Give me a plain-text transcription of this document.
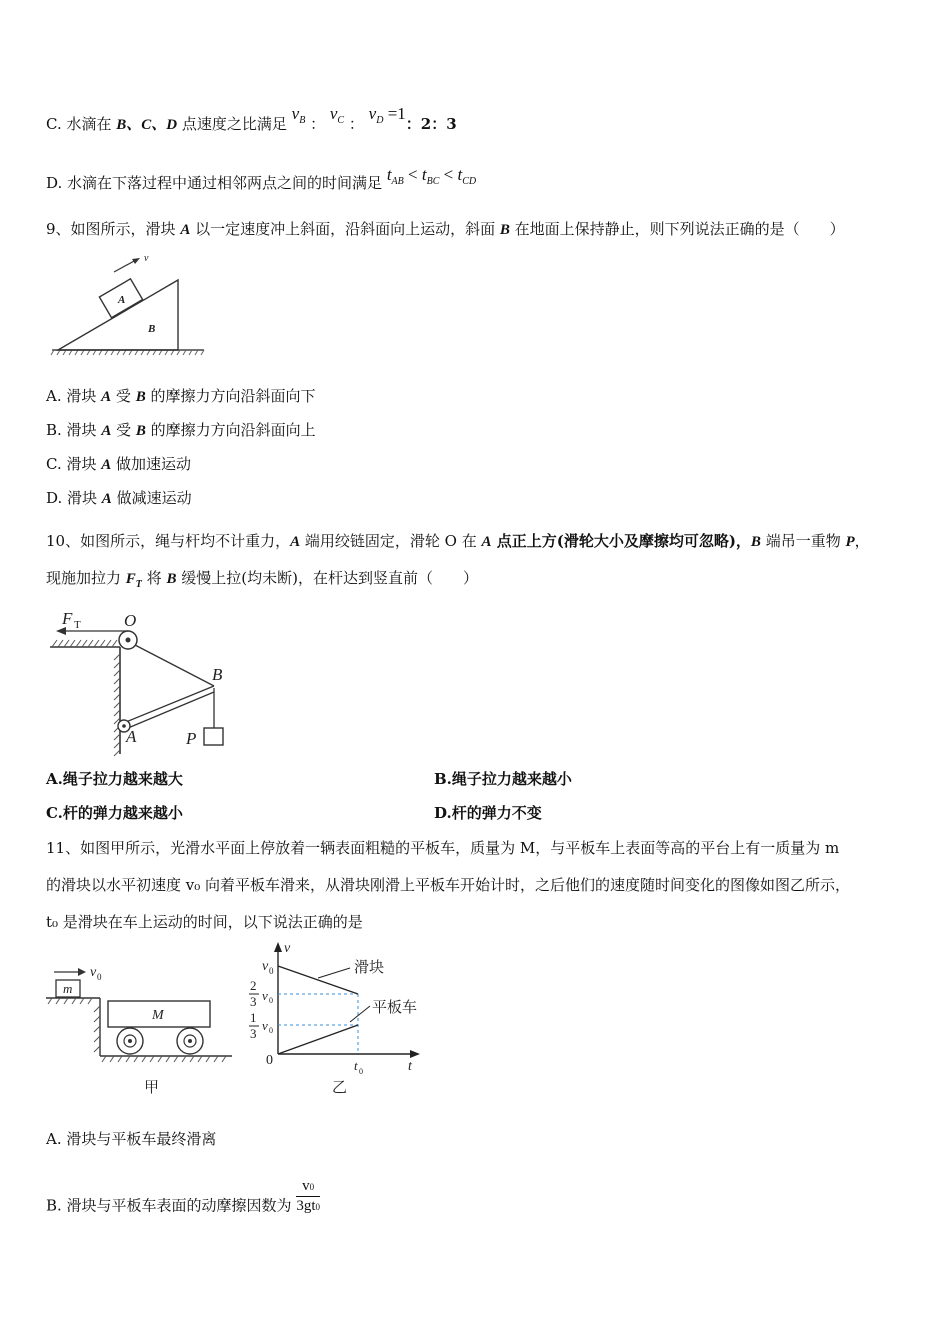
C. 水滴在 B、C、D 点速度之比满足 $v_B$ ： $v_C$ ： $v_D =1$：2：3
D. 水滴在下落过程中通过相邻两点之间的时间满足 $t_{AB} < t_{BC} < t_{CD}$
9、如图所示，滑块 A 以一定速度冲上斜面，沿斜面向上运动，斜面 B 在地面上保持静止，则下列说法正确的是（　　）
A
B
v
A. 滑块 A 受 B 的摩擦力方向沿斜面向下
B. 滑块 A 受 B 的摩擦力方向沿斜面向上
C. 滑块 A 做加速运动
D. 滑块 A 做减速运动
10、如图所示，绳与杆均不计重力，A 端用绞链固定，滑轮 O 在 A 点正上方(滑轮大小及摩擦均可忽略)，B 端吊一重物 P，
现施加拉力 $F_T$ 将 B 缓慢上拉(均未断)，在杆达到竖直前（　　）
F T	O
B
A	P
A.绳子拉力越来越大	B.绳子拉力越来越小
C.杆的弹力越来越小	D.杆的弹力不变
11、如图甲所示，光滑水平面上停放着一辆表面粗糙的平板车，质量为 M，与平板车上表面等高的平台上有一质量为 m
的滑块以水平初速度 v₀ 向着平板车滑来，从滑块刚滑上平板车开始计时，之后他们的速度随时间变化的图像如图乙所示，
t₀ 是滑块在车上运动的时间，以下说法正确的是
v 0
m
M
甲
v
t
0
v 0
2
3 v 0
1
3
v 0
滑块
平板车
t 0
乙
A. 滑块与平板车最终滑离
B. 滑块与平板车表面的动摩擦因数为 $\frac{v0}{3gt0}$
